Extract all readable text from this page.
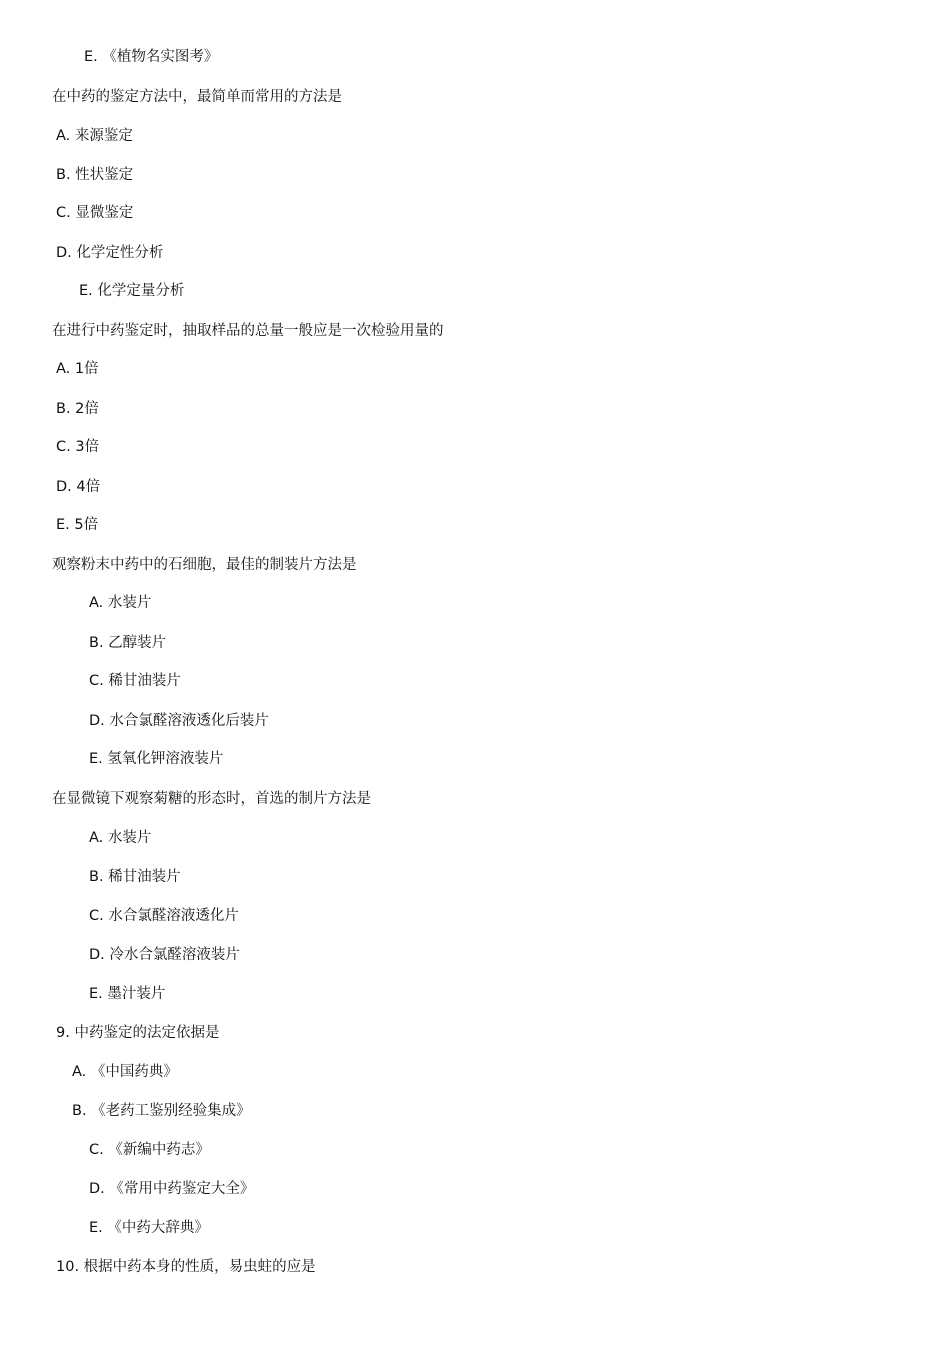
E. 《植物名实图考》
在中药的鉴定方法中，最简单而常用的方法是
A. 来源鉴定
B. 性状鉴定
C. 显微鉴定
D. 化学定性分析
E. 化学定量分析
在进行中药鉴定时，抽取样品的总量一般应是一次检验用量的
A. 1倍
B. 2倍
C. 3倍
D. 4倍
E. 5倍
观察粉末中药中的石细胞，最佳的制装片方法是
A. 水装片
B. 乙醇装片
C. 稀甘油装片
D. 水合氯醛溶液透化后装片
E. 氢氧化钾溶液装片
在显微镜下观察菊糖的形态时，首选的制片方法是
A. 水装片
B. 稀甘油装片
C. 水合氯醛溶液透化片
D. 冷水合氯醛溶液装片
E. 墨汁装片
9. 中药鉴定的法定依据是
A. 《中国药典》
B. 《老药工鉴别经验集成》
C. 《新编中药志》
D. 《常用中药鉴定大全》
E. 《中药大辞典》
10. 根据中药本身的性质，易虫蛀的应是
